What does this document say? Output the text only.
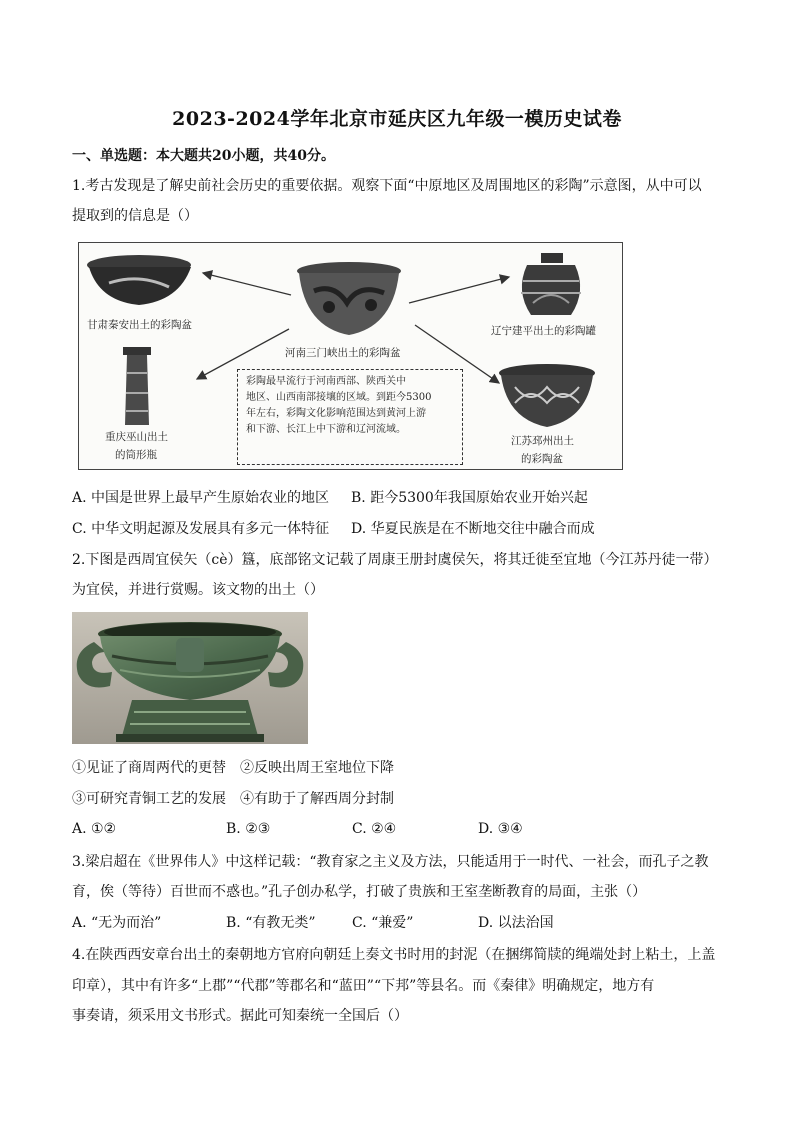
2023-2024学年北京市延庆区九年级一模历史试卷
一、单选题：本大题共20小题，共40分。
1.考古发现是了解史前社会历史的重要依据。观察下面“中原地区及周围地区的彩陶”示意图，从中可以
提取到的信息是（）
甘肃秦安出土的彩陶盆
河南三门峡出土的彩陶盆
辽宁建平出土的彩陶罐
重庆巫山出土
的筒形瓶
江苏邳州出土
的彩陶盆
彩陶最早流行于河南西部、陕西关中
地区、山西南部接壤的区域。到距今5300
年左右，彩陶文化影响范围达到黄河上游
和下游、长江上中下游和辽河流域。
A. 中国是世界上最早产生原始农业的地区 B. 距今5300年我国原始农业开始兴起
C. 中华文明起源及发展具有多元一体特征 D. 华夏民族是在不断地交往中融合而成
2.下图是西周宜侯矢（cè）簋，底部铭文记载了周康王册封虞侯矢，将其迁徙至宜地（今江苏丹徒一带）
为宜侯，并进行赏赐。该文物的出土（）
①见证了商周两代的更替　②反映出周王室地位下降
③可研究青铜工艺的发展　④有助于了解西周分封制
A. ①②	B. ②③	C. ②④	D. ③④
3.梁启超在《世界伟人》中这样记载：“教育家之主义及方法，只能适用于一时代、一社会，而孔子之教
育，俟（等待）百世而不惑也。”孔子创办私学，打破了贵族和王室垄断教育的局面，主张（）
A. “无为而治”	B. “有教无类”	C. “兼爱”	D. 以法治国
4.在陕西西安章台出土的秦朝地方官府向朝廷上奏文书时用的封泥（在捆绑简牍的绳端处封上粘土，上盖
印章），其中有许多“上郡”“代郡”等郡名和“蓝田”“下邦”等县名。而《秦律》明确规定，地方有
事奏请，须采用文书形式。据此可知秦统一全国后（）
